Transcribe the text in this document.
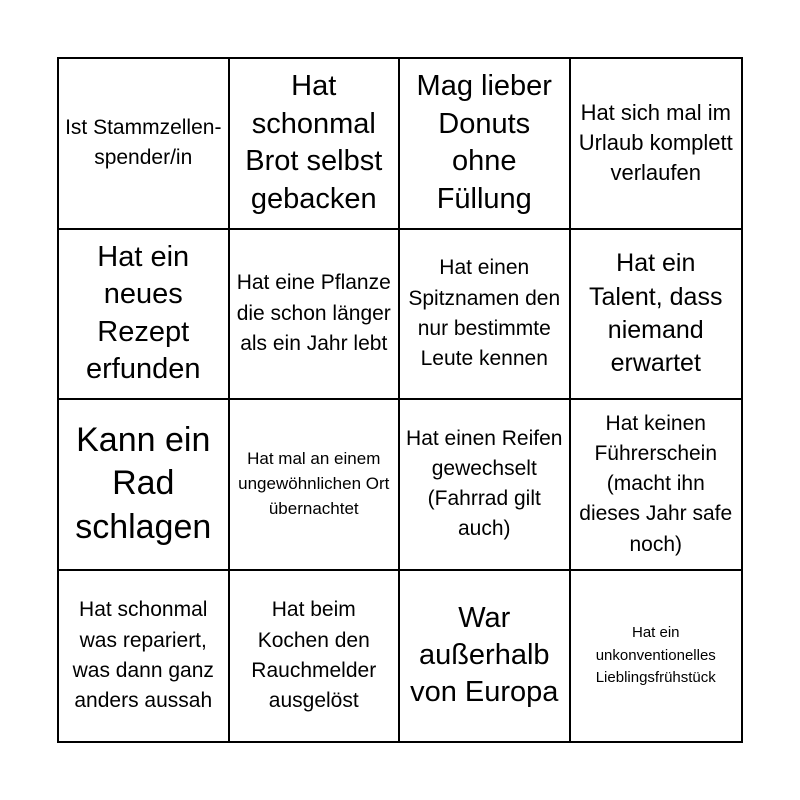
Ist Stammzellen-spender/in
Hat schonmal Brot selbst gebacken
Mag lieber Donuts ohne Füllung
Hat sich mal im Urlaub komplett verlaufen
Hat ein neues Rezept erfunden
Hat eine Pflanze die schon länger als ein Jahr lebt
Hat einen Spitznamen den nur bestimmte Leute kennen
Hat ein Talent, dass niemand erwartet
Kann ein Rad schlagen
Hat mal an einem ungewöhnlichen Ort übernachtet
Hat einen Reifen gewechselt (Fahrrad gilt auch)
Hat keinen Führerschein (macht ihn dieses Jahr safe noch)
Hat schonmal was repariert, was dann ganz anders aussah
Hat beim Kochen den Rauchmelder ausgelöst
War außerhalb von Europa
Hat ein unkonventionelles Lieblingsfrühstück
